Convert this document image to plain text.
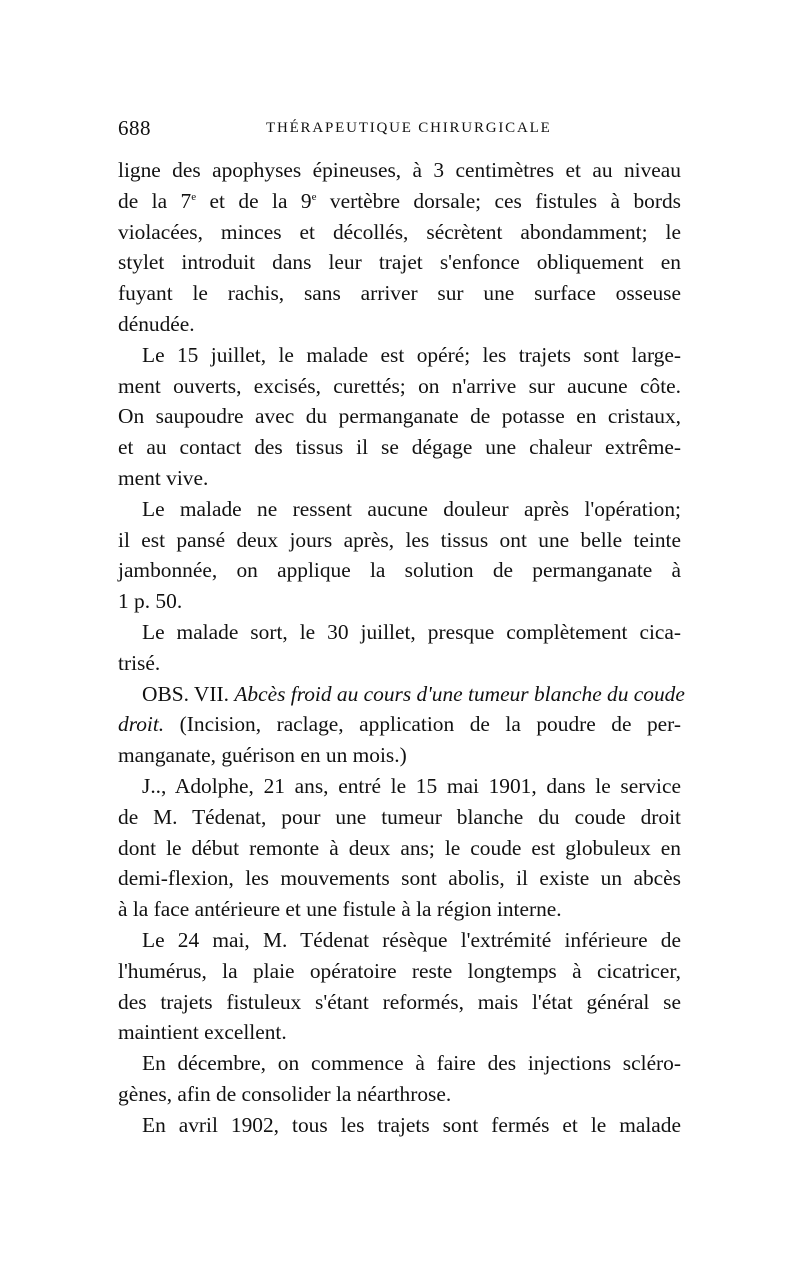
688	THÉRAPEUTIQUE CHIRURGICALE
ligne des apophyses épineuses, à 3 centimètres et au niveau
de la 7e et de la 9e vertèbre dorsale; ces fistules à bords
violacées, minces et décollés, sécrètent abondamment; le
stylet introduit dans leur trajet s'enfonce obliquement en
fuyant le rachis, sans arriver sur une surface osseuse
dénudée.
Le 15 juillet, le malade est opéré; les trajets sont large-
ment ouverts, excisés, curettés; on n'arrive sur aucune côte.
On saupoudre avec du permanganate de potasse en cristaux,
et au contact des tissus il se dégage une chaleur extrême-
ment vive.
Le malade ne ressent aucune douleur après l'opération;
il est pansé deux jours après, les tissus ont une belle teinte
jambonnée, on applique la solution de permanganate à
1 p. 50.
Le malade sort, le 30 juillet, presque complètement cica-
trisé.
OBS. VII. Abcès froid au cours d'une tumeur blanche du coude
droit. (Incision, raclage, application de la poudre de per-
manganate, guérison en un mois.)
J.., Adolphe, 21 ans, entré le 15 mai 1901, dans le service
de M. Tédenat, pour une tumeur blanche du coude droit
dont le début remonte à deux ans; le coude est globuleux en
demi-flexion, les mouvements sont abolis, il existe un abcès
à la face antérieure et une fistule à la région interne.
Le 24 mai, M. Tédenat résèque l'extrémité inférieure de
l'humérus, la plaie opératoire reste longtemps à cicatricer,
des trajets fistuleux s'étant reformés, mais l'état général se
maintient excellent.
En décembre, on commence à faire des injections scléro-
gènes, afin de consolider la néarthrose.
En avril 1902, tous les trajets sont fermés et le malade
